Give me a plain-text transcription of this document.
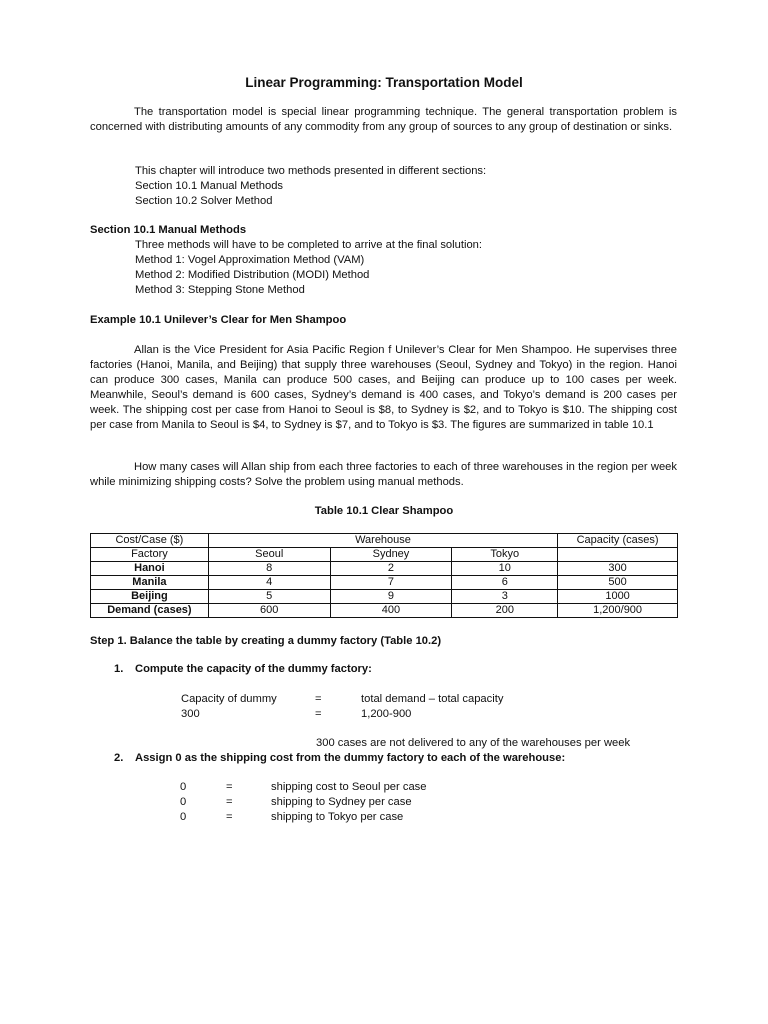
Linear Programming: Transportation Model
The transportation model is special linear programming technique. The general transportation problem is concerned with distributing amounts of any commodity from any group of sources to any group of destination or sinks.
This chapter will introduce two methods presented in different sections:
Section 10.1 Manual Methods
Section 10.2 Solver Method
Section 10.1 Manual Methods
Three methods will have to be completed to arrive at the final solution:
Method 1: Vogel Approximation Method (VAM)
Method 2: Modified Distribution (MODI) Method
Method 3: Stepping Stone Method
Example 10.1 Unilever’s Clear for Men Shampoo
Allan is the Vice President for Asia Pacific Region f Unilever’s Clear for Men Shampoo. He supervises three factories (Hanoi, Manila, and Beijing) that supply three warehouses (Seoul, Sydney and Tokyo) in the region. Hanoi can produce 300 cases, Manila can produce 500 cases, and Beijing can produce up to 100 cases per week. Meanwhile, Seoul’s demand is 600 cases, Sydney’s demand is 400 cases, and Tokyo’s demand is 200 cases per week. The shipping cost per case from Hanoi to Seoul is $8, to Sydney is $2, and to Tokyo is $10. The shipping cost per case from Manila to Seoul is $4, to Sydney is $7, and to Tokyo is $3. The figures are summarized in table 10.1
How many cases will Allan ship from each three factories to each of three warehouses in the region per week while minimizing shipping costs? Solve the problem using manual methods.
Table 10.1 Clear Shampoo
Cost/Case ($)	Warehouse			Capacity (cases)
Factory	Seoul	Sydney	Tokyo	
Hanoi	8	2	10	300
Manila	4	7	6	500
Beijing	5	9	3	1000
Demand (cases)	600	400	200	1,200/900
Step 1. Balance the table by creating a dummy factory (Table 10.2)
1. Compute the capacity of the dummy factory:
Capacity of dummy	=	total demand – total capacity
300	=	1,200-900
300 cases are not delivered to any of the warehouses per week
2. Assign 0 as the shipping cost from the dummy factory to each of the warehouse:
0	=	shipping cost to Seoul per case
0	=	shipping to Sydney per case
0	=	shipping to Tokyo per case
